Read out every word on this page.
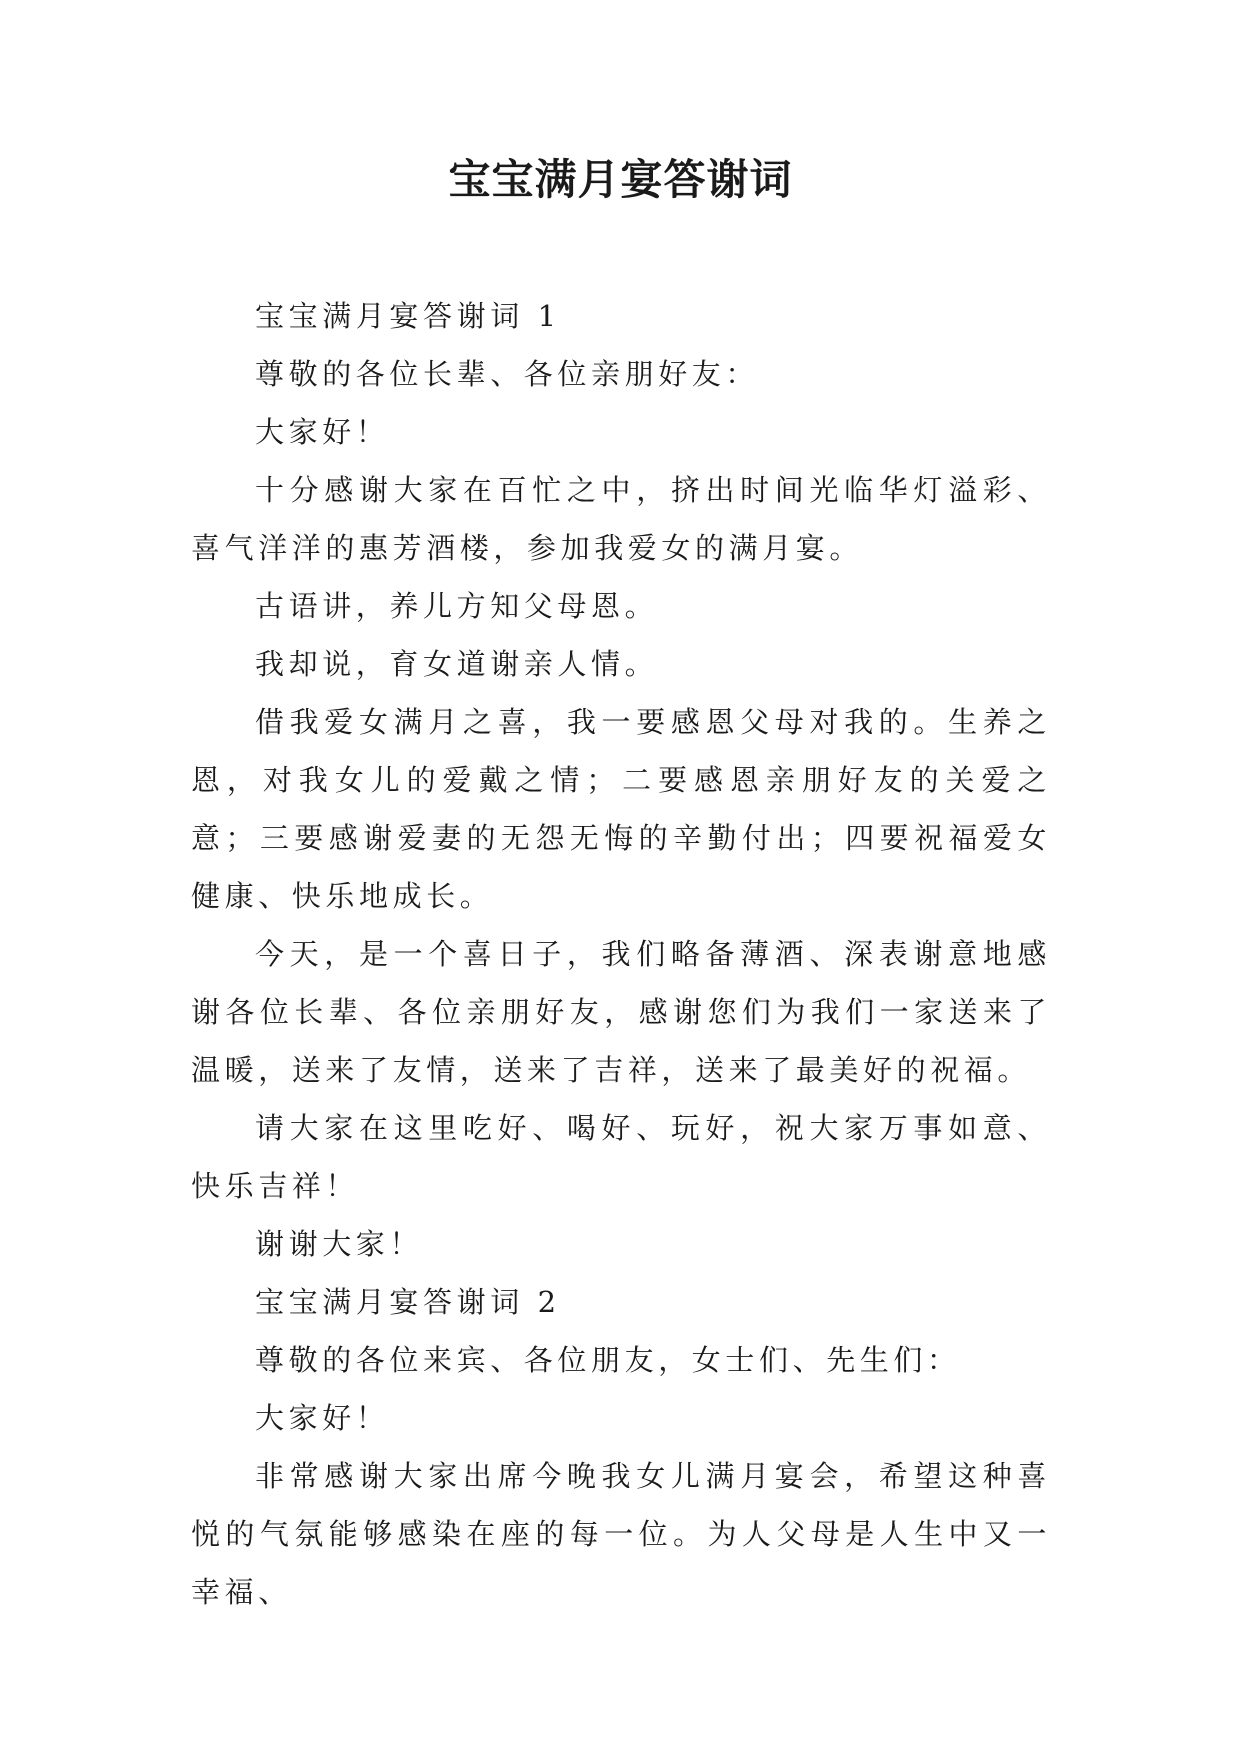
宝宝满月宴答谢词

宝宝满月宴答谢词 1

尊敬的各位长辈、各位亲朋好友：

大家好！

十分感谢大家在百忙之中，挤出时间光临华灯溢彩、喜气洋洋的惠芳酒楼，参加我爱女的满月宴。

古语讲，养儿方知父母恩。

我却说，育女道谢亲人情。

借我爱女满月之喜，我一要感恩父母对我的。生养之恩，对我女儿的爱戴之情；二要感恩亲朋好友的关爱之意；三要感谢爱妻的无怨无悔的辛勤付出；四要祝福爱女健康、快乐地成长。

今天，是一个喜日子，我们略备薄酒、深表谢意地感谢各位长辈、各位亲朋好友，感谢您们为我们一家送来了温暖，送来了友情，送来了吉祥，送来了最美好的祝福。

请大家在这里吃好、喝好、玩好，祝大家万事如意、快乐吉祥！

谢谢大家！

宝宝满月宴答谢词 2

尊敬的各位来宾、各位朋友，女士们、先生们：

大家好！

非常感谢大家出席今晚我女儿满月宴会，希望这种喜悦的气氛能够感染在座的每一位。为人父母是人生中又一幸福、
